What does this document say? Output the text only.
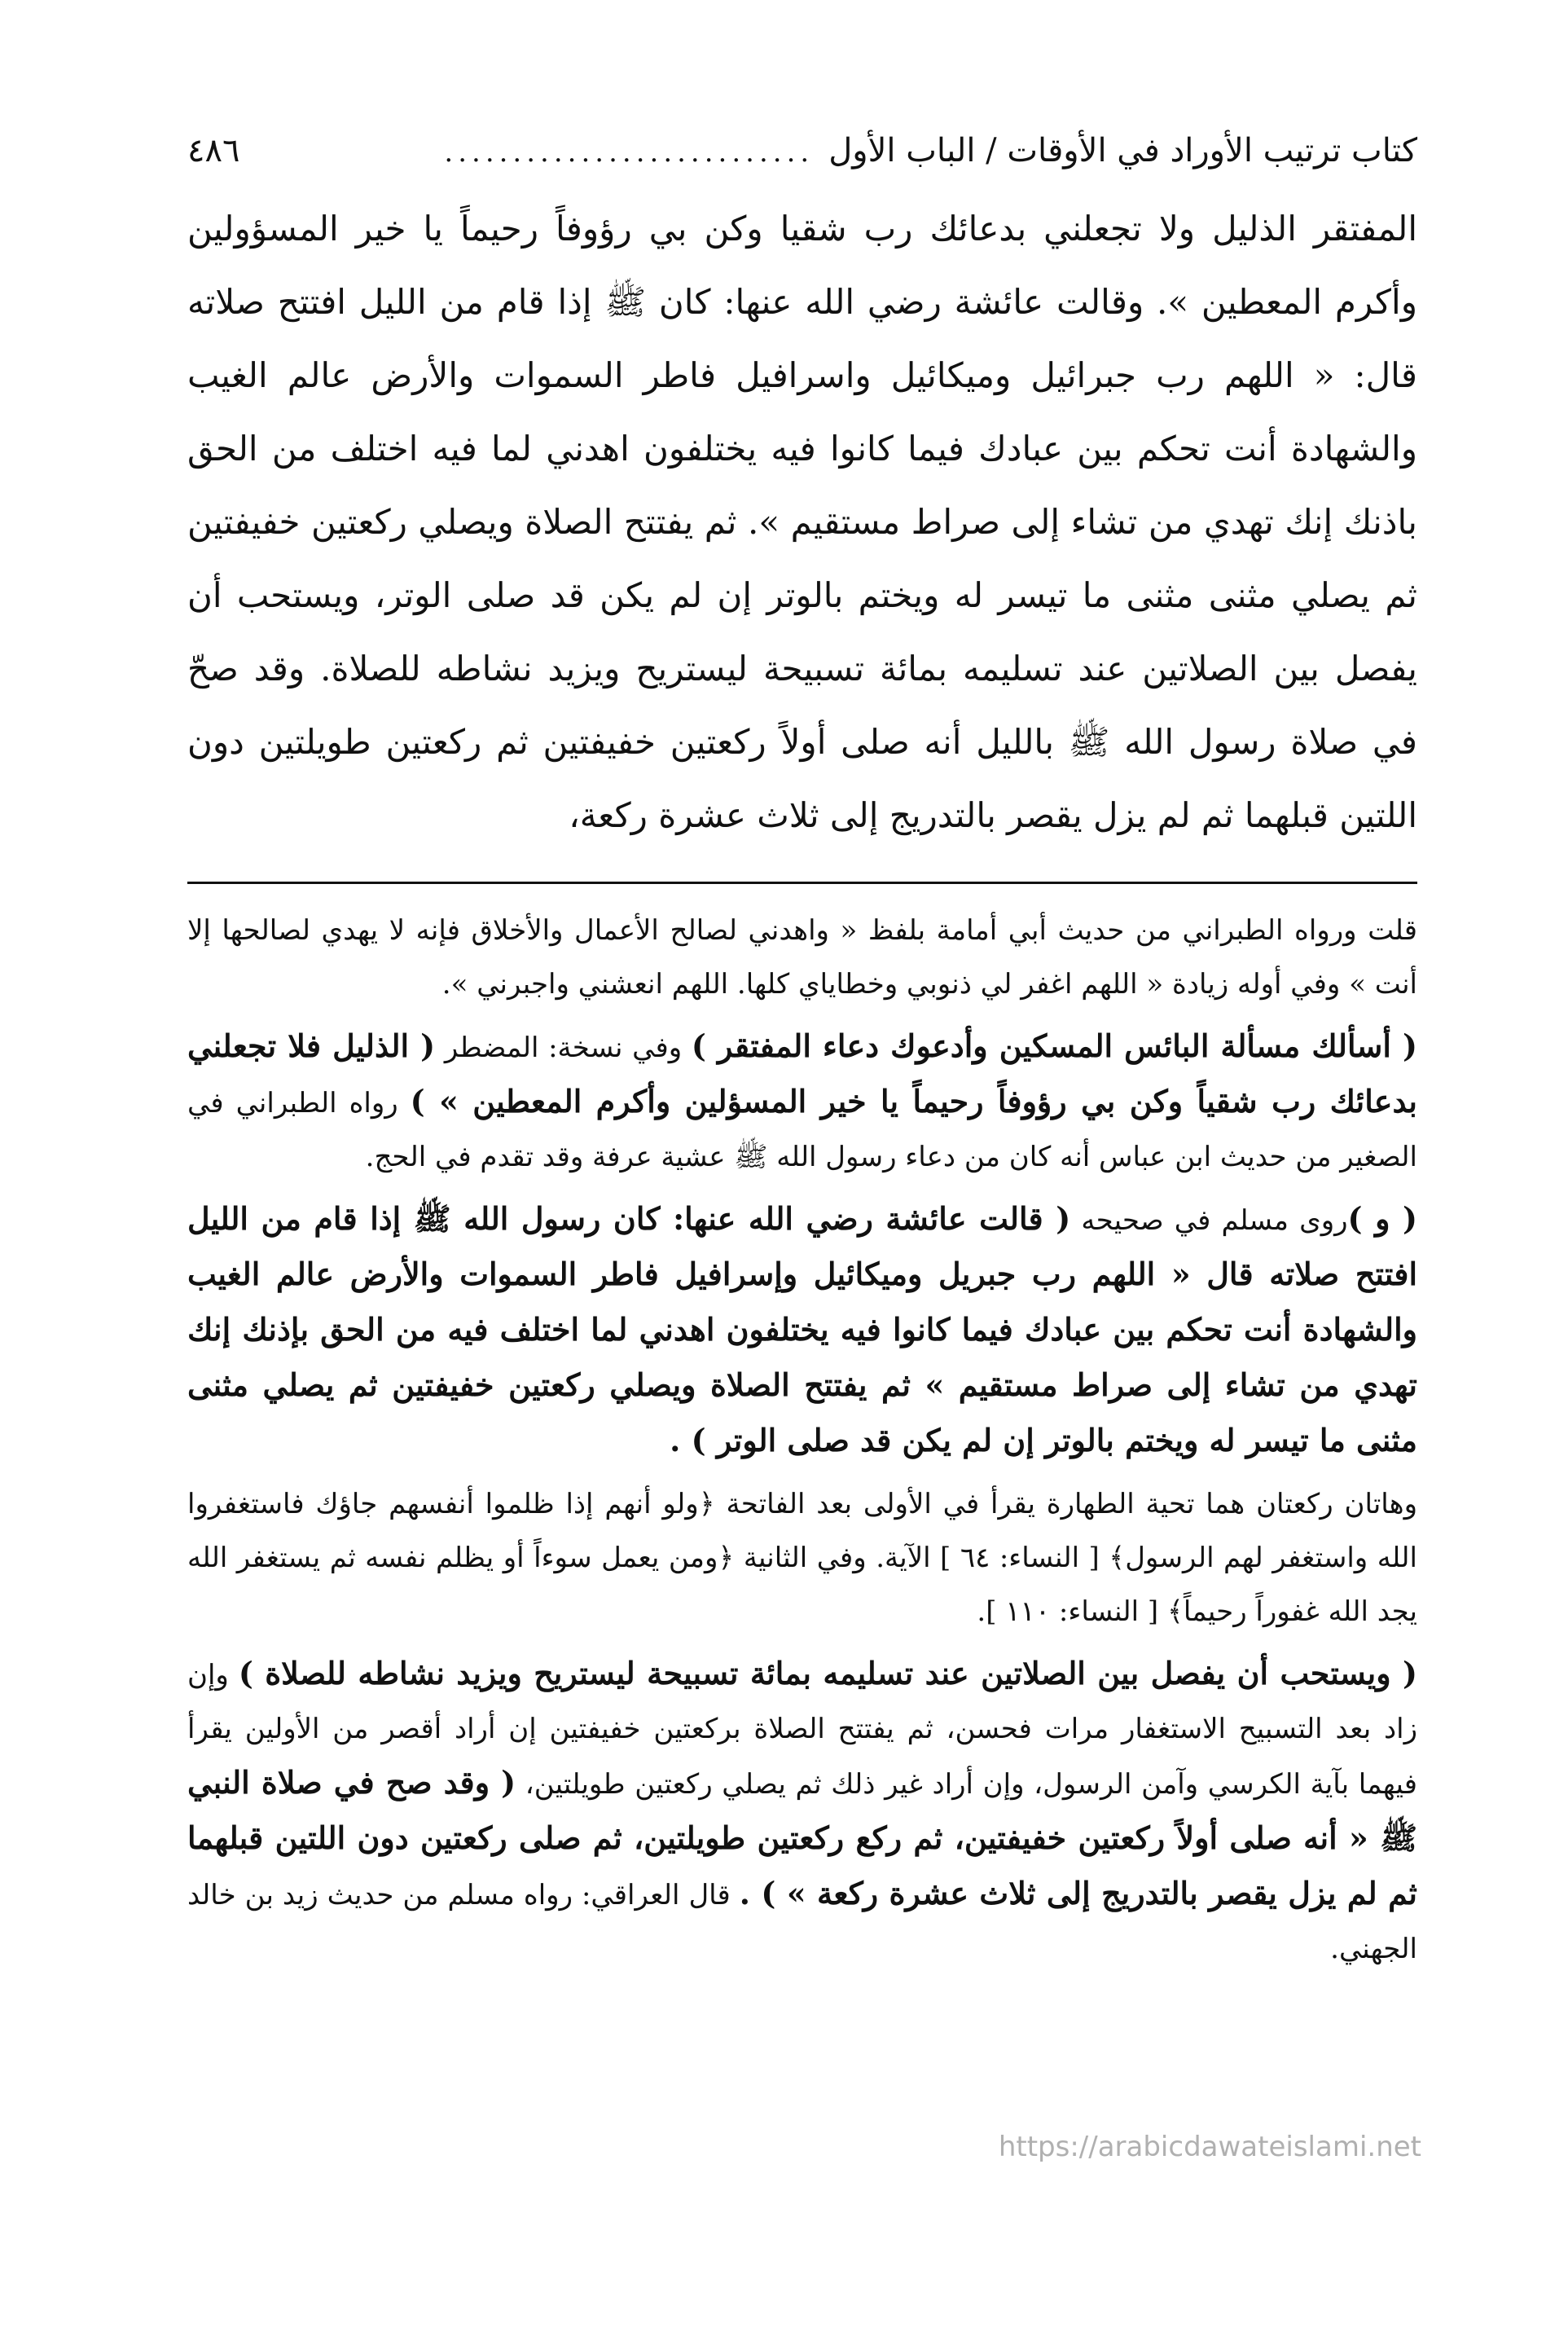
كتاب ترتيب الأوراد في الأوقات / الباب الأول
...........................
٤٨٦

المفتقر الذليل ولا تجعلني بدعائك رب شقيا وكن بي رؤوفاً رحيماً يا خير المسؤولين وأكرم المعطين ». وقالت عائشة رضي الله عنها: كان ﷺ إذا قام من الليل افتتح صلاته قال: « اللهم رب جبرائيل وميكائيل واسرافيل فاطر السموات والأرض عالم الغيب والشهادة أنت تحكم بين عبادك فيما كانوا فيه يختلفون اهدني لما فيه اختلف من الحق باذنك إنك تهدي من تشاء إلى صراط مستقيم ». ثم يفتتح الصلاة ويصلي ركعتين خفيفتين ثم يصلي مثنى مثنى ما تيسر له ويختم بالوتر إن لم يكن قد صلى الوتر، ويستحب أن يفصل بين الصلاتين عند تسليمه بمائة تسبيحة ليستريح ويزيد نشاطه للصلاة. وقد صحّ في صلاة رسول الله ﷺ بالليل أنه صلى أولاً ركعتين خفيفتين ثم ركعتين طويلتين دون اللتين قبلهما ثم لم يزل يقصر بالتدريج إلى ثلاث عشرة ركعة،

قلت ورواه الطبراني من حديث أبي أمامة بلفظ « واهدني لصالح الأعمال والأخلاق فإنه لا يهدي لصالحها إلا أنت » وفي أوله زيادة « اللهم اغفر لي ذنوبي وخطاياي كلها. اللهم انعشني واجبرني ».

( أسألك مسألة البائس المسكين وأدعوك دعاء المفتقر ) وفي نسخة: المضطر ( الذليل فلا تجعلني بدعائك رب شقياً وكن بي رؤوفاً رحيماً يا خير المسؤلين وأكرم المعطين » ) رواه الطبراني في الصغير من حديث ابن عباس أنه كان من دعاء رسول الله ﷺ عشية عرفة وقد تقدم في الحج.

( و )روى مسلم في صحيحه ( قالت عائشة رضي الله عنها: كان رسول الله ﷺ إذا قام من الليل افتتح صلاته قال « اللهم رب جبريل وميكائيل وإسرافيل فاطر السموات والأرض عالم الغيب والشهادة أنت تحكم بين عبادك فيما كانوا فيه يختلفون اهدني لما اختلف فيه من الحق بإذنك إنك تهدي من تشاء إلى صراط مستقيم » ثم يفتتح الصلاة ويصلي ركعتين خفيفتين ثم يصلي مثنى مثنى ما تيسر له ويختم بالوتر إن لم يكن قد صلى الوتر ) .

وهاتان ركعتان هما تحية الطهارة يقرأ في الأولى بعد الفاتحة ﴿ولو أنهم إذا ظلموا أنفسهم جاؤك فاستغفروا الله واستغفر لهم الرسول﴾ [ النساء: ٦٤ ] الآية. وفي الثانية ﴿ومن يعمل سوءاً أو يظلم نفسه ثم يستغفر الله يجد الله غفوراً رحيماً﴾ [ النساء: ١١٠ ].

( ويستحب أن يفصل بين الصلاتين عند تسليمه بمائة تسبيحة ليستريح ويزيد نشاطه للصلاة ) وإن زاد بعد التسبيح الاستغفار مرات فحسن، ثم يفتتح الصلاة بركعتين خفيفتين إن أراد أقصر من الأولين يقرأ فيهما بآية الكرسي وآمن الرسول، وإن أراد غير ذلك ثم يصلي ركعتين طويلتين، ( وقد صح في صلاة النبي ﷺ « أنه صلى أولاً ركعتين خفيفتين، ثم ركع ركعتين طويلتين، ثم صلى ركعتين دون اللتين قبلهما ثم لم يزل يقصر بالتدريج إلى ثلاث عشرة ركعة » ) . قال العراقي: رواه مسلم من حديث زيد بن خالد الجهني.

https://arabicdawateislami.net
